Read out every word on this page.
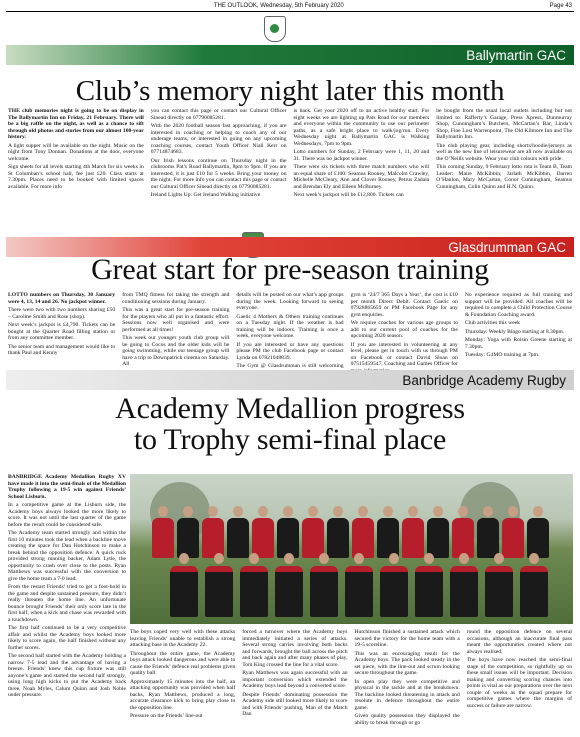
THE OUTLOOK, Wednesday, 5th February 2020	Page 43
Ballymartin GAC
Club’s memory night later this month

THE club memories night is going to be on display in The Ballymartin Inn on Friday, 21 February. There will be a big raffle on the night, as well as a chance to sift through old photos and stories from our almost 100-year history.

A light supper will be available on the night. Music on the night from Tony Donnan. Donations at the door, everyone welcome.

Sign sheets for all levels starting 4th March for six weeks in St Columban’s school hall, fee just £20. Class starts at 7.30pm. Places need to be booked with limited spaces available. For more info

you can contact this page or contact our Cultural Officer Sinead directly on 07790085281.

With the 2020 football season fast approaching, if you are interested in coaching or helping to coach any of our underage teams, or interested in going on any upcoming coaching courses, contact Youth Officer Niall Kerr on 07714874683.

Our Irish lessons continue on Thursday night in the clubrooms Pat’s Road Ballymartin, 8pm to 9pm. If you are interested, it is just £10 for 5 weeks. Bring your money on the night. For more info you can contact this page or contact our Cultural Officer Sinead directly on 07790085281.

Ireland Lights Up: Get Ireland Walking initiative

is back. Get your 2020 off to an active healthy start. For eight weeks we are lighting up Pats Road for our members and everyone within the community to use our perimeter paths, as a safe bright place to walk/jog/run. Every Wednesday night at Ballymartin GAC is Walking Wednesdays, 7pm to 9pm.

Lotto numbers for Sunday, 2 February were 1, 11, 20 and 31. There was no jackpot winner.

There were six tickets with three match numbers who will an equal share of £100: Seamus Rooney, Malcolm Crawley, Michelle McCleary, Ann and Clover Rooney, Petrus Zadala and Brendan Ely and Eileen McBurney.

Next week’s jackpot will be £12,800. Tickets can

be bought from the usual local outlets including but not limited to: Rafferty’s Garage, Press Xpress, Dunmurray Shop, Cunningham’s Butchers, McCartan’s Bar, Linda’s Shop, Fine Lost Warrenpoint, The Old Kilmore Inn and The Ballymartin Inn.

The club playing gear, including shorts/hoodie/jerseys as well as the new line of leisurewear are all now available on the O’Neills website. Wear your club colours with pride.

This coming Sunday, 9 February lotto rota is Team B, Team Leader: Maire McKibbin; Jarlath McKibbin, Darren O’Hanlon, Mary McCartan, Conor Cunningham, Seamus Cunningham, Colin Quinn and H.N. Quinn.

Glasdrumman GAC
Great start for pre-season training

LOTTO numbers on Thursday, 30 January were 4, 13, 14 and 26. No jackpot winner.

There were two with two numbers sharing £50 – Caroline Smith and Rose (shop).

Next week’s jackpot is £4,790. Tickets can be bought at the Quarter Road filling station or from any committee member.

The senior team and management would like to thank Paul and Kenny

from TMQ fitness for taking the strength and conditioning sessions during January.

This was a great start for pre-season training for the players who all put in a fantastic effort. Sessions now well organised and were performed at all times!

This week our younger youth club group will be going to Cocos and the older kids will be going swimming, while our teenage group will have a trip to Downpatrick cinema on Saturday. All

details will be posted on our what’s app groups during the week. Looking forward to seeing everyone.

Gaelic 4 Mothers & Others training continues on a Tuesday night. If the weather is bad training will be indoors. Training is once a week, everyone welcome.

If you are interested or have any questions please PM the club Facebook page or contact Lynda on 07821048839.

The Gym @ Glasdrumman is still welcoming

gym is ‘24/7 365 Days a Year’, the cost is £10 per month Direct Debit. Contact Gaelic on 07928865659 or PM Facebook Page for any gym enquiries.

We require coaches for various age groups to add to our current pool of coaches for the upcoming 2020 season.

If you are interested in volunteering at any level, please get in touch with us through PM on Facebook or contact David Sloan on 07515459547, Coaching and Games Officer for

No experience required as full training and support will be provided. All coaches will be required to complete a Child Protection Course & Foundation Coaching award.

Club activities this week

Thursday: Weekly Bingo starting at 8.30pm.

Monday: Yoga with Roisin Greene starting at 7.30pm.

Tuesday: G4MO training at 7pm.

Banbridge Academy Rugby
Academy Medallion progress
to Trophy semi-final place

BANBRIDGE Academy Medallion Rugby XV have made it into the semi-finals of the Medallion Trophy following a 19-5 win against Friends’ School Lisburn.

In a competitive game at the Lisburn side, the Academy boys always looked the more likely to score. It was not until the last quarter of the game before the result could be considered safe.

The Academy team started strongly and within the first 10 minutes took the lead when a backline move creating the space for Dan Hutchinson to make a break behind the opposition defence. A quick ruck provided strong running backer, Adam Lytle, the opportunity to crash over close to the posts. Ryan Matthews was successful with the conversion to give the home team a 7-0 lead.

From the restart Friends’ tried to get a foot-hold in the game and despite sustained pressure, they didn’t really threaten the home line. An unfortunate bounce brought Friends’ their only score late in the first half, when a kick and chase was rewarded with a touchdown.

The first half continued to be a very competitive affair and whilst the Academy boys looked more likely to score again, the half finished without any further scores.

The second half started with the Academy holding a narrow 7-5 lead and the advantage of having a breeze. Friends’ knew this cup fixture was still anyone’s game and started the second half strongly, using long high kicks to put the Academy back three, Noah Myles, Calum Quinn and Josh Noble under pressure.

The boys coped very well with these attacks leaving Friends’ unable to establish a strong attacking base in the Academy 22.

Throughout the entire game, the Academy boys attack looked dangerous and were able to cause the Friends’ defence real problems given quality ball.

Approximately 15 minutes into the half, an attacking opportunity was provided when half backs, Ryan Matthews, produced a long, accurate clearance kick to bring play close to the opposition line.

Pressure on the Friends’ line-out

forced a turnover where the Academy boys immediately initiated a series of attacks. Several strong carries involving both backs and forwards, brought the ball across the pitch and back again and after many phases of play, Tom King crossed the line for a vital score.

Ryan Matthews was again successful with an important conversion which extended the Academy boys lead beyond a converted score.

Despite Friends’ dominating possession the Academy side still looked more likely to score and with Friends’ pushing, Man of the Match Dan

Hutchinson finished a sustained attack which secured the victory for the home team with a 19-5 scoreline.

This was an encouraging result for the Academy boys. The pack looked steady in the set piece, with the line-out and scrum looking secure throughout the game.

In open play they were competitive and physical in the tackle and at the breakdown. The backline looked threatening in attack and resolute in defence throughout the entire game.

Given quality possession they displayed the ability to break through or go

round the opposition defence on several occasions, although an inaccurate final pass meant the opportunities created where not always realised.

The boys have now reached the semi-final stage of the competition, so rightfully up on these small issues will be important. Decision making and converting scoring chances into points is vital as our preparations over the next couple of weeks as the squad prepare for competitive games where the margins of success or failure are narrow.
